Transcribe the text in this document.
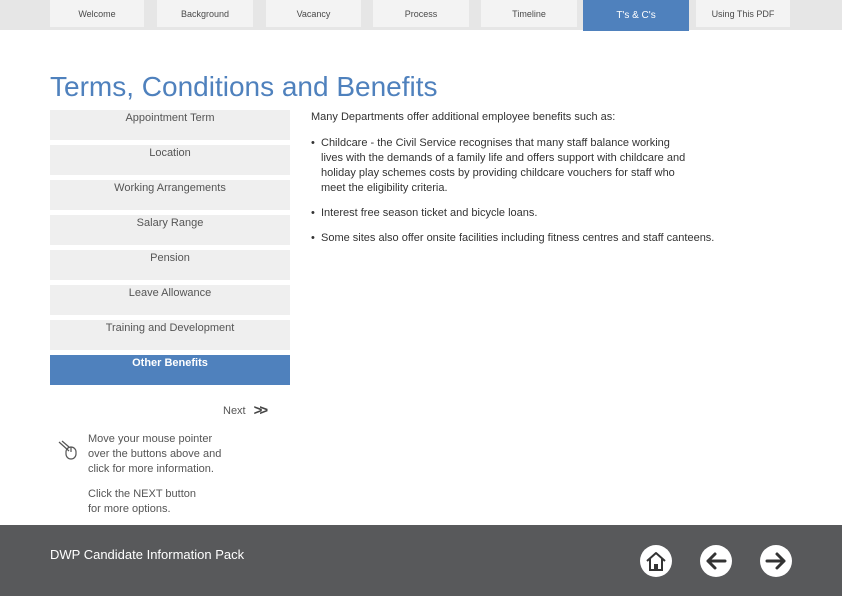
Welcome	Background	Vacancy	Process	Timeline	T's & C's	Using This PDF
Terms, Conditions and Benefits
Appointment Term
Location
Working Arrangements
Salary Range
Pension
Leave Allowance
Training and Development
Other Benefits
Next >>
Move your mouse pointer
over the buttons above and
click for more information.
Click the NEXT button
for more options.

Many Departments offer additional employee benefits such as:

• Childcare - the Civil Service recognises that many staff balance working
lives with the demands of a family life and offers support with childcare and
holiday play schemes costs by providing childcare vouchers for staff who
meet the eligibility criteria.
• Interest free season ticket and bicycle loans.
• Some sites also offer onsite facilities including fitness centres and staff canteens.
DWP Candidate Information Pack
